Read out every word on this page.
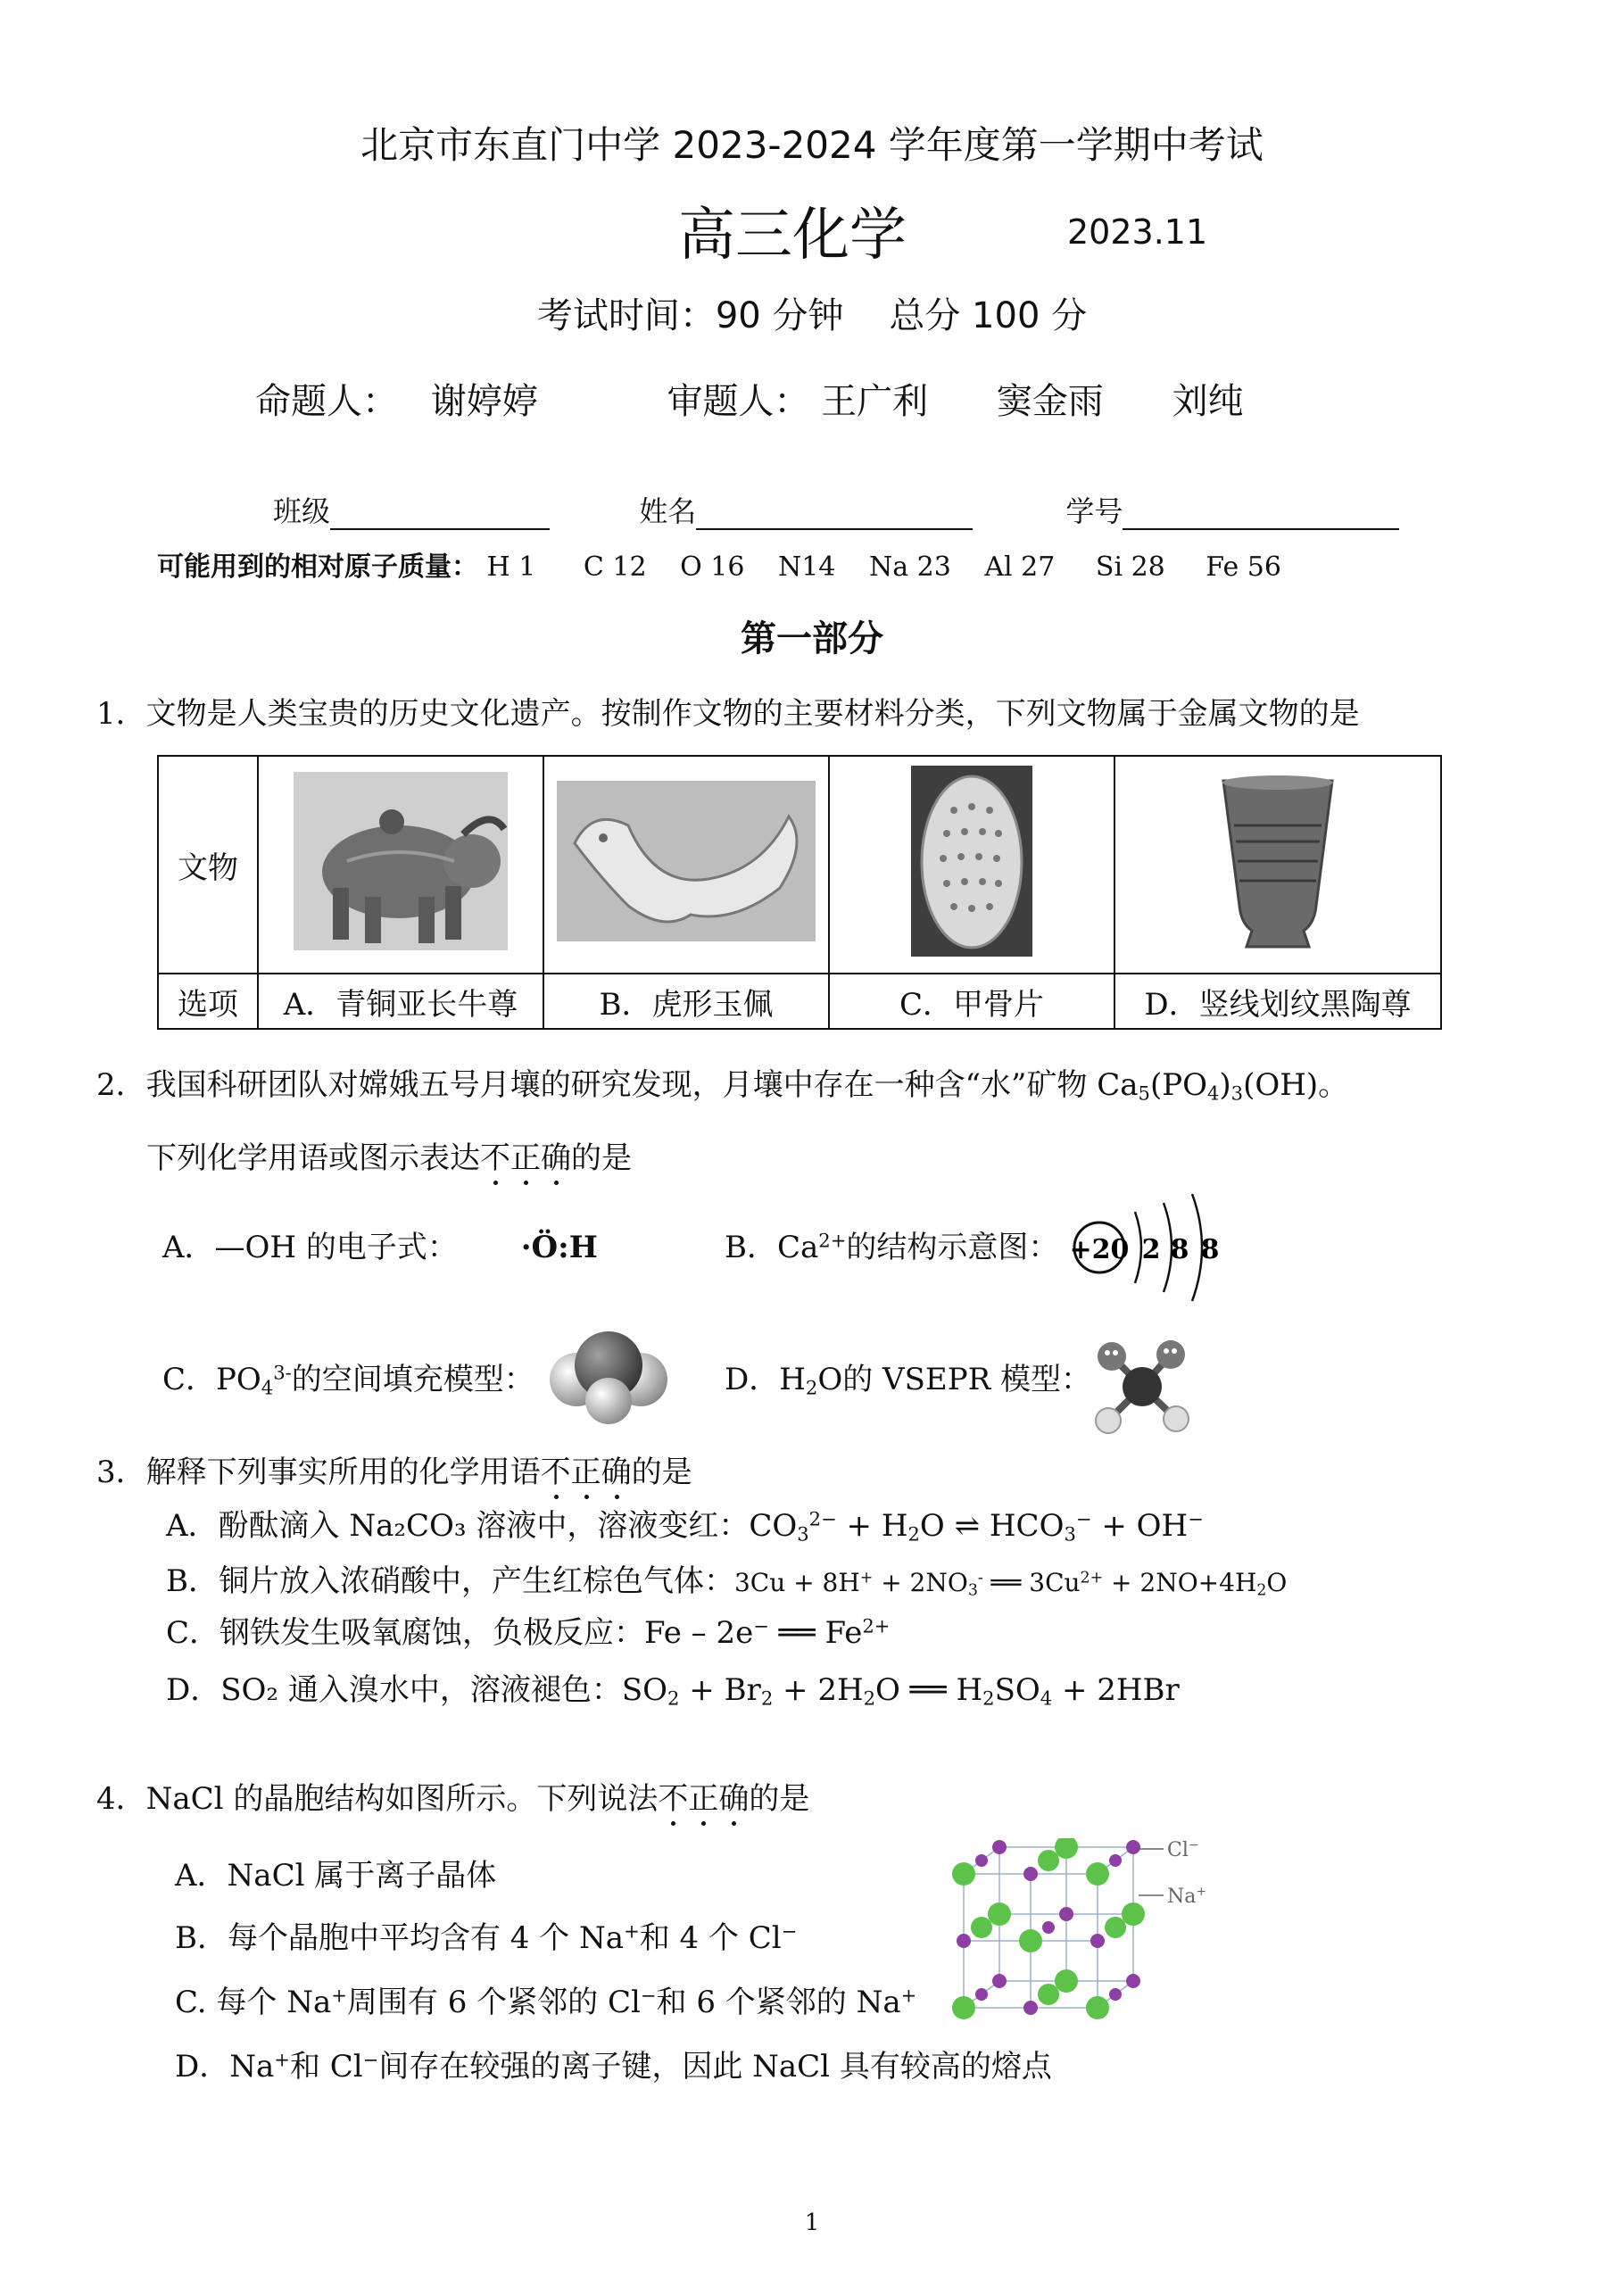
北京市东直门中学 2023-2024 学年度第一学期中考试
高三化学	2023.11
考试时间：90 分钟 总分 100 分
命题人： 谢婷婷	审题人： 王广利 窦金雨 刘纯
班级	姓名	学号
可能用到的相对原子质量： H 1 C 12 O 16 N14 Na 23 Al 27 Si 28 Fe 56
第一部分
1．文物是人类宝贵的历史文化遗产。按制作文物的主要材料分类，下列文物属于金属文物的是
文物				
选项	A．青铜亚长牛尊	B．虎形玉佩	C．甲骨片	D．竖线划纹黑陶尊
2．我国科研团队对嫦娥五号月壤的研究发现，月壤中存在一种含“水”矿物 $Ca_5(PO_4)_3(OH)$。
下列化学用语或图示表达不正确的是
A．—OH 的电子式： ·Ö:H	B．$Ca^{2+}$的结构示意图： +20 2 8 8
C．$PO_4^{3-}$的空间填充模型：	D．$H_2O$的 VSEPR 模型：
3．解释下列事实所用的化学用语不正确的是
A．酚酞滴入 Na₂CO₃ 溶液中，溶液变红：$CO_3^{2-} + H_2O$ ⇌ $HCO_3^- + OH^-$
B．铜片放入浓硝酸中，产生红棕色气体：$3Cu + 8H^+ + 2NO_3^-$ ══ $3Cu^{2+} + 2NO+4H_2O$
C．钢铁发生吸氧腐蚀，负极反应：Fe – 2e− ══ $Fe^{2+}$
D．SO₂ 通入溴水中，溶液褪色：$SO_2 + Br_2 + 2H_2O$ ══ $H_2SO_4 + 2HBr$
4．NaCl 的晶胞结构如图所示。下列说法不正确的是
A．NaCl 属于离子晶体
B．每个晶胞中平均含有 4 个 Na+和 4 个 Cl−
C. 每个 Na+周围有 6 个紧邻的 Cl−和 6 个紧邻的 Na+
D．Na+和 Cl−间存在较强的离子键，因此 NaCl 具有较高的熔点
Cl−
Na+
1
